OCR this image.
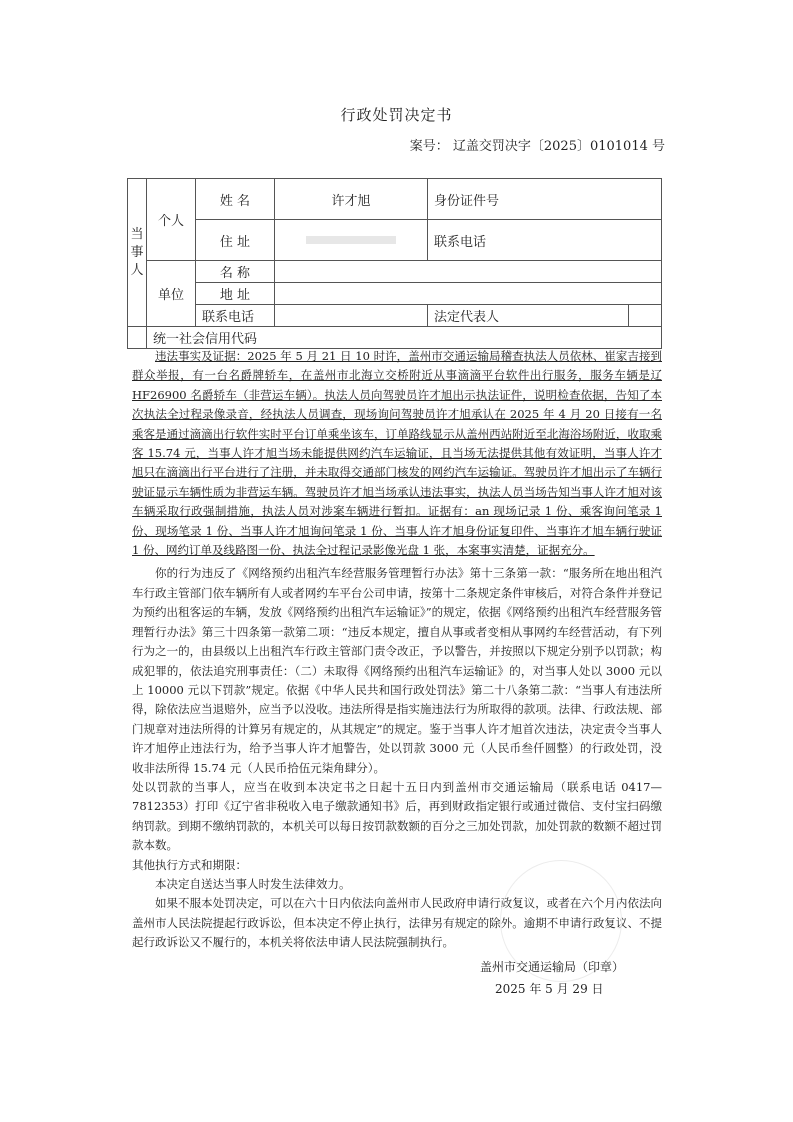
行政处罚决定书
案号： 辽盖交罚决字〔2025〕0101014 号
当事人	个人	姓 名	许才旭	身份证件号	
		住 址		联系电话	
	单位	名 称			
		地 址			
		联系电话		法定代表人	
	统一社会信用代码				

违法事实及证据：2025 年 5 月 21 日 10 时许，盖州市交通运输局稽查执法人员依林、崔家吉接到群众举报，有一台名爵牌轿车，在盖州市北海立交桥附近从事滴滴平台软件出行服务，服务车辆是辽 HF26900 名爵轿车（非营运车辆）。执法人员向驾驶员许才旭出示执法证件，说明检查依据，告知了本次执法全过程录像录音，经执法人员调查，现场询问驾驶员许才旭承认在 2025 年 4 月 20 日接有一名乘客是通过滴滴出行软件实时平台订单乘坐该车，订单路线显示从盖州西站附近至北海浴场附近，收取乘客 15.74 元，当事人许才旭当场未能提供网约汽车运输证，且当场无法提供其他有效证明，当事人许才旭只在滴滴出行平台进行了注册，并未取得交通部门核发的网约汽车运输证。驾驶员许才旭出示了车辆行驶证显示车辆性质为非营运车辆。驾驶员许才旭当场承认违法事实，执法人员当场告知当事人许才旭对该车辆采取行政强制措施，执法人员对涉案车辆进行暂扣。证据有：an 现场记录 1 份、乘客询问笔录 1 份、现场笔录 1 份、当事人许才旭询问笔录 1 份、当事人许才旭身份证复印件、当事许才旭车辆行驶证 1 份、网约订单及线路图一份、执法全过程记录影像光盘 1 张，本案事实清楚，证据充分。

你的行为违反了《网络预约出租汽车经营服务管理暂行办法》第十三条第一款：“服务所在地出租汽车行政主管部门依车辆所有人或者网约车平台公司申请，按第十二条规定条件审核后，对符合条件并登记为预约出租客运的车辆，发放《网络预约出租汽车运输证》”的规定，依据《网络预约出租汽车经营服务管理暂行办法》第三十四条第一款第二项：“违反本规定，擅自从事或者变相从事网约车经营活动，有下列行为之一的，由县级以上出租汽车行政主管部门责令改正，予以警告，并按照以下规定分别予以罚款；构成犯罪的，依法追究刑事责任：（二）未取得《网络预约出租汽车运输证》的，对当事人处以 3000 元以上 10000 元以下罚款”规定。依据《中华人民共和国行政处罚法》第二十八条第二款：“当事人有违法所得，除依法应当退赔外，应当予以没收。违法所得是指实施违法行为所取得的款项。法律、行政法规、部门规章对违法所得的计算另有规定的，从其规定”的规定。鉴于当事人许才旭首次违法，决定责令当事人许才旭停止违法行为，给予当事人许才旭警告，处以罚款 3000 元（人民币叁仟圆整）的行政处罚，没收非法所得 15.74 元（人民币拾伍元柒角肆分）。

处以罚款的当事人，应当在收到本决定书之日起十五日内到盖州市交通运输局（联系电话 0417—7812353）打印《辽宁省非税收入电子缴款通知书》后，再到财政指定银行或通过微信、支付宝扫码缴纳罚款。到期不缴纳罚款的，本机关可以每日按罚款数额的百分之三加处罚款，加处罚款的数额不超过罚款本数。

其他执行方式和期限：

本决定自送达当事人时发生法律效力。

如果不服本处罚决定，可以在六十日内依法向盖州市人民政府申请行政复议，或者在六个月内依法向盖州市人民法院提起行政诉讼，但本决定不停止执行，法律另有规定的除外。逾期不申请行政复议、不提起行政诉讼又不履行的，本机关将依法申请人民法院强制执行。

盖州市交通运输局（印章）
2025 年 5 月 29 日
